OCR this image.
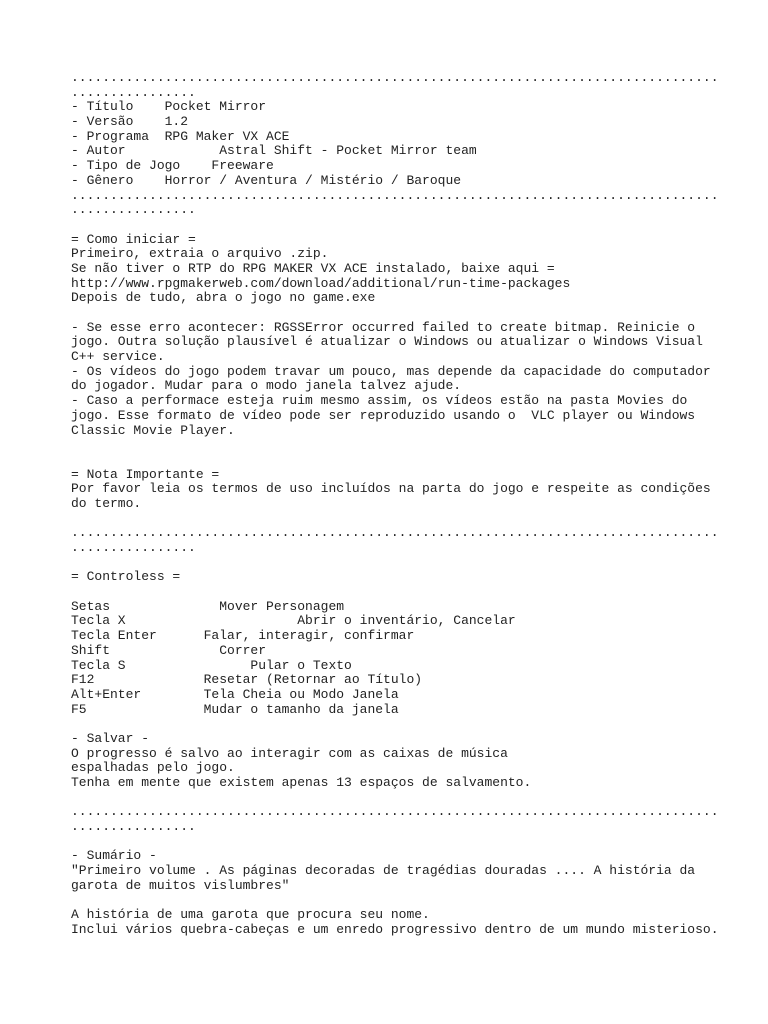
...................................................................................
................
- Título    Pocket Mirror
- Versão    1.2
- Programa  RPG Maker VX ACE
- Autor            Astral Shift - Pocket Mirror team
- Tipo de Jogo    Freeware
- Gênero    Horror / Aventura / Mistério / Baroque
...................................................................................
................
= Como iniciar =
Primeiro, extraia o arquivo .zip.
Se não tiver o RTP do RPG MAKER VX ACE instalado, baixe aqui =
http://www.rpgmakerweb.com/download/additional/run-time-packages
Depois de tudo, abra o jogo no game.exe
- Se esse erro acontecer: RGSSError occurred failed to create bitmap. Reinicie o
jogo. Outra solução plausível é atualizar o Windows ou atualizar o Windows Visual
C++ service.
- Os vídeos do jogo podem travar um pouco, mas depende da capacidade do computador
do jogador. Mudar para o modo janela talvez ajude.
- Caso a performace esteja ruim mesmo assim, os vídeos estão na pasta Movies do
jogo. Esse formato de vídeo pode ser reproduzido usando o  VLC player ou Windows
Classic Movie Player.
= Nota Importante =
Por favor leia os termos de uso incluídos na parta do jogo e respeite as condições
do termo.
...................................................................................
................
= Controless =
Setas              Mover Personagem
Tecla X                      Abrir o inventário, Cancelar
Tecla Enter      Falar, interagir, confirmar
Shift              Correr
Tecla S                Pular o Texto
F12              Resetar (Retornar ao Título)
Alt+Enter        Tela Cheia ou Modo Janela
F5               Mudar o tamanho da janela
- Salvar -
O progresso é salvo ao interagir com as caixas de música
espalhadas pelo jogo.
Tenha em mente que existem apenas 13 espaços de salvamento.
...................................................................................
................
- Sumário -
"Primeiro volume . As páginas decoradas de tragédias douradas .... A história da
garota de muitos vislumbres"
A história de uma garota que procura seu nome.
Inclui vários quebra-cabeças e um enredo progressivo dentro de um mundo misterioso.
